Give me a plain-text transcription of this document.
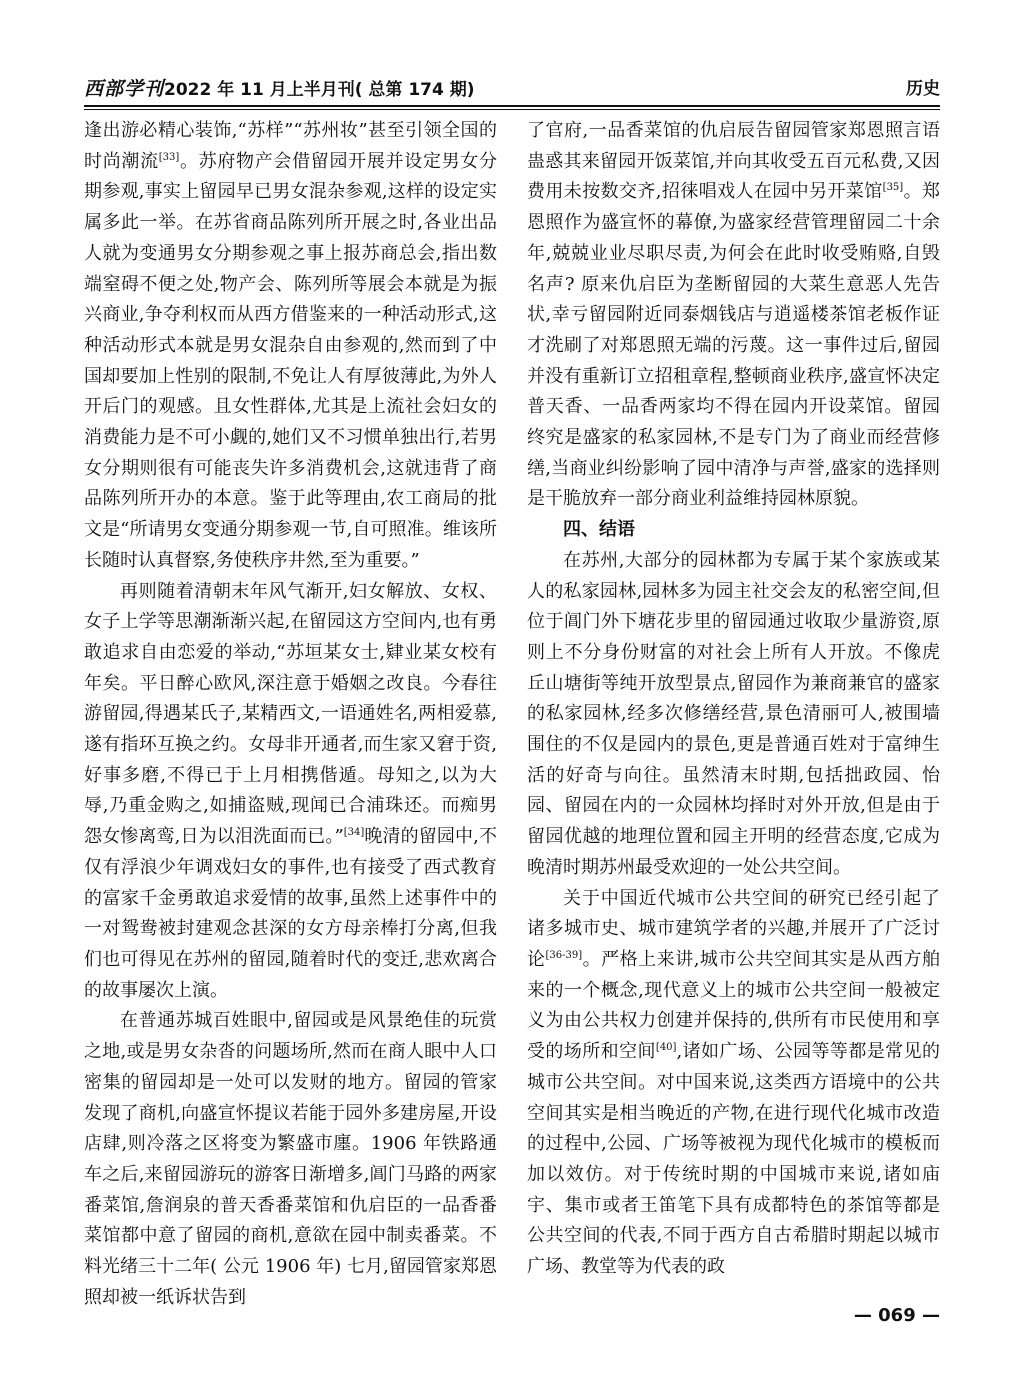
西部学刊2022 年 11 月上半月刊( 总第 174 期)	历史

逢出游必精心装饰,“苏样”“苏州妆”甚至引领全国的时尚潮流[33]。苏府物产会借留园开展并设定男女分期参观,事实上留园早已男女混杂参观,这样的设定实属多此一举。在苏省商品陈列所开展之时,各业出品人就为变通男女分期参观之事上报苏商总会,指出数端窒碍不便之处,物产会、陈列所等展会本就是为振兴商业,争夺利权而从西方借鉴来的一种活动形式,这种活动形式本就是男女混杂自由参观的,然而到了中国却要加上性别的限制,不免让人有厚彼薄此,为外人开后门的观感。且女性群体,尤其是上流社会妇女的消费能力是不可小觑的,她们又不习惯单独出行,若男女分期则很有可能丧失许多消费机会,这就违背了商品陈列所开办的本意。鉴于此等理由,农工商局的批文是“所请男女变通分期参观一节,自可照准。维该所长随时认真督察,务使秩序井然,至为重要。”

再则随着清朝末年风气渐开,妇女解放、女权、女子上学等思潮渐渐兴起,在留园这方空间内,也有勇敢追求自由恋爱的举动,“苏垣某女士,肄业某女校有年矣。平日醉心欧风,深注意于婚姻之改良。今春往游留园,得遇某氏子,某精西文,一语通姓名,两相爱慕,遂有指环互换之约。女母非开通者,而生家又窘于资,好事多磨,不得已于上月相携偕遁。母知之,以为大辱,乃重金购之,如捕盗贼,现闻已合浦珠还。而痴男怨女惨离鸾,日为以泪洗面而已。”[34]晚清的留园中,不仅有浮浪少年调戏妇女的事件,也有接受了西式教育的富家千金勇敢追求爱情的故事,虽然上述事件中的一对鸳鸯被封建观念甚深的女方母亲棒打分离,但我们也可得见在苏州的留园,随着时代的变迁,悲欢离合的故事屡次上演。

在普通苏城百姓眼中,留园或是风景绝佳的玩赏之地,或是男女杂沓的问题场所,然而在商人眼中人口密集的留园却是一处可以发财的地方。留园的管家发现了商机,向盛宣怀提议若能于园外多建房屋,开设店肆,则冷落之区将变为繁盛市廛。1906 年铁路通车之后,来留园游玩的游客日渐增多,阊门马路的两家番菜馆,詹润泉的普天香番菜馆和仇启臣的一品香番菜馆都中意了留园的商机,意欲在园中制卖番菜。不料光绪三十二年( 公元 1906 年) 七月,留园管家郑恩照却被一纸诉状告到

了官府,一品香菜馆的仇启辰告留园管家郑恩照言语蛊惑其来留园开饭菜馆,并向其收受五百元私费,又因费用未按数交齐,招徕唱戏人在园中另开菜馆[35]。郑恩照作为盛宣怀的幕僚,为盛家经营管理留园二十余年,兢兢业业尽职尽责,为何会在此时收受贿赂,自毁名声? 原来仇启臣为垄断留园的大菜生意恶人先告状,幸亏留园附近同泰烟钱店与逍遥楼茶馆老板作证才洗刷了对郑恩照无端的污蔑。这一事件过后,留园并没有重新订立招租章程,整顿商业秩序,盛宣怀决定普天香、一品香两家均不得在园内开设菜馆。留园终究是盛家的私家园林,不是专门为了商业而经营修缮,当商业纠纷影响了园中清净与声誉,盛家的选择则是干脆放弃一部分商业利益维持园林原貌。

四、结语

在苏州,大部分的园林都为专属于某个家族或某人的私家园林,园林多为园主社交会友的私密空间,但位于阊门外下塘花步里的留园通过收取少量游资,原则上不分身份财富的对社会上所有人开放。不像虎丘山塘街等纯开放型景点,留园作为兼商兼官的盛家的私家园林,经多次修缮经营,景色清丽可人,被围墙围住的不仅是园内的景色,更是普通百姓对于富绅生活的好奇与向往。虽然清末时期,包括拙政园、怡园、留园在内的一众园林均择时对外开放,但是由于留园优越的地理位置和园主开明的经营态度,它成为晚清时期苏州最受欢迎的一处公共空间。

关于中国近代城市公共空间的研究已经引起了诸多城市史、城市建筑学者的兴趣,并展开了广泛讨论[36-39]。严格上来讲,城市公共空间其实是从西方舶来的一个概念,现代意义上的城市公共空间一般被定义为由公共权力创建并保持的,供所有市民使用和享受的场所和空间[40],诸如广场、公园等等都是常见的城市公共空间。对中国来说,这类西方语境中的公共空间其实是相当晚近的产物,在进行现代化城市改造的过程中,公园、广场等被视为现代化城市的模板而加以效仿。对于传统时期的中国城市来说,诸如庙宇、集市或者王笛笔下具有成都特色的茶馆等都是公共空间的代表,不同于西方自古希腊时期起以城市广场、教堂等为代表的政

— 069 —
